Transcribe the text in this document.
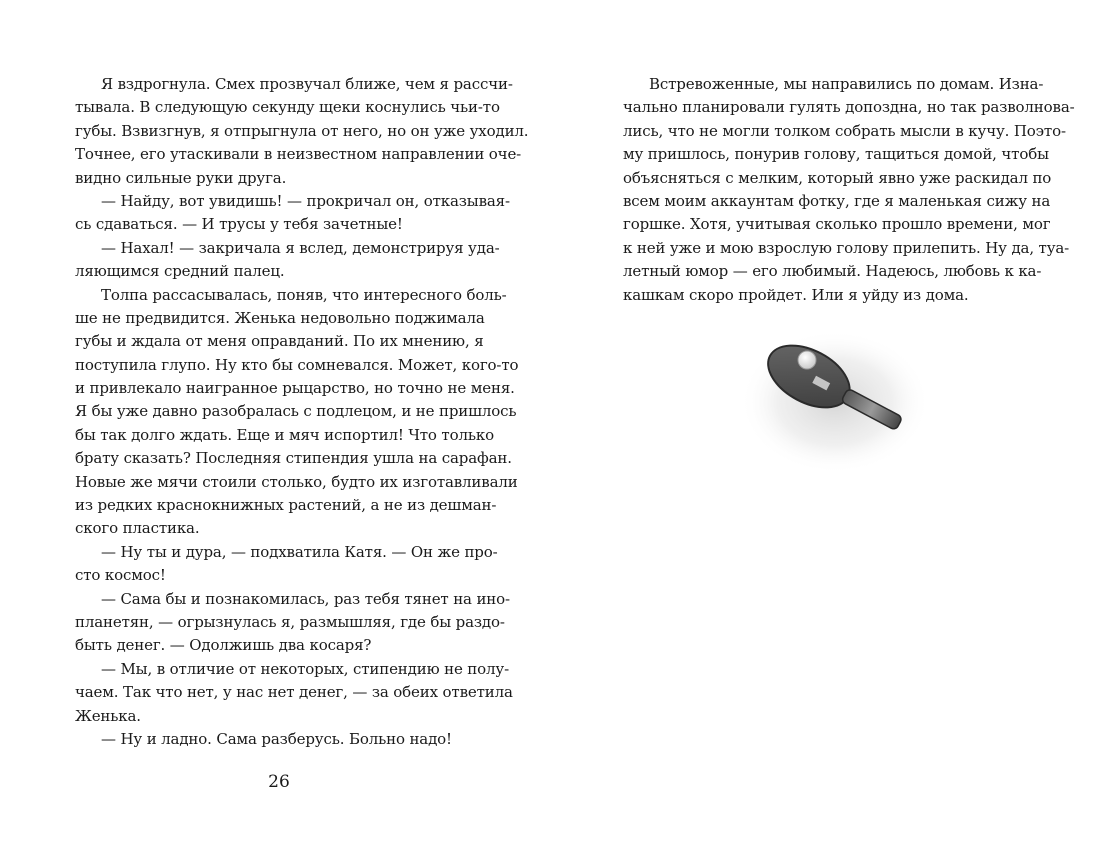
Я вздрогнула. Смех прозвучал ближе, чем я рассчи-
тывала. В следующую секунду щеки коснулись чьи-то
губы. Взвизгнув, я отпрыгнула от него, но он уже уходил.
Точнее, его утаскивали в неизвестном направлении оче-
видно сильные руки друга.
— Найду, вот увидишь! — прокричал он, отказывая-
сь сдаваться. — И трусы у тебя зачетные!
— Нахал! — закричала я вслед, демонстрируя уда-
ляющимся средний палец.
Толпа рассасывалась, поняв, что интересного боль-
ше не предвидится. Женька недовольно поджимала
губы и ждала от меня оправданий. По их мнению, я
поступила глупо. Ну кто бы сомневался. Может, кого-то
и привлекало наигранное рыцарство, но точно не меня.
Я бы уже давно разобралась с подлецом, и не пришлось
бы так долго ждать. Еще и мяч испортил! Что только
брату сказать? Последняя стипендия ушла на сарафан.
Новые же мячи стоили столько, будто их изготавливали
из редких краснокнижных растений, а не из дешман-
ского пластика.
— Ну ты и дура, — подхватила Катя. — Он же про-
сто космос!
— Сама бы и познакомилась, раз тебя тянет на ино-
планетян, — огрызнулась я, размышляя, где бы раздо-
быть денег. — Одолжишь два косаря?
— Мы, в отличие от некоторых, стипендию не полу-
чаем. Так что нет, у нас нет денег, — за обеих ответила
Женька.
— Ну и ладно. Сама разберусь. Больно надо!
26
Встревоженные, мы направились по домам. Изна-
чально планировали гулять допоздна, но так разволнова-
лись, что не могли толком собрать мысли в кучу. Поэто-
му пришлось, понурив голову, тащиться домой, чтобы
объясняться с мелким, который явно уже раскидал по
всем моим аккаунтам фотку, где я маленькая сижу на
горшке. Хотя, учитывая сколько прошло времени, мог
к ней уже и мою взрослую голову прилепить. Ну да, туа-
летный юмор — его любимый. Надеюсь, любовь к ка-
кашкам скоро пройдет. Или я уйду из дома.
